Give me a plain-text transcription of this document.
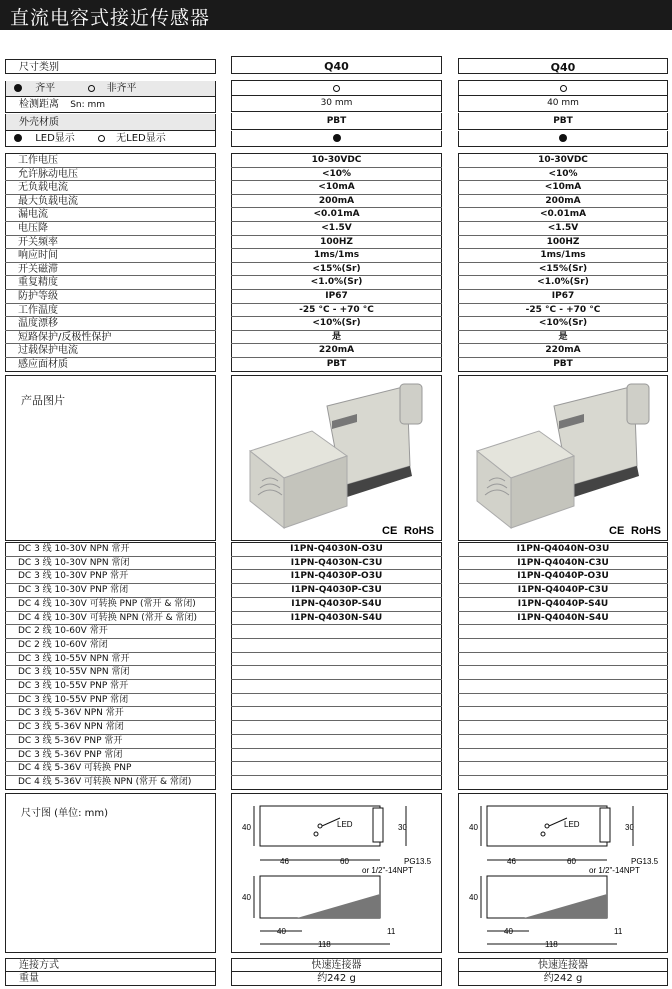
直流电容式接近传感器
尺寸类别	Q40	Q40
齐平	非齐平
检测距离 Sn: mm	30 mm	40 mm
外壳材质	PBT	PBT
LED显示	无LED显示
工作电压	10-30VDC	10-30VDC
允许脉动电压	<10%	<10%
无负载电流	<10mA	<10mA
最大负载电流	200mA	200mA
漏电流	<0.01mA	<0.01mA
电压降	<1.5V	<1.5V
开关频率	100HZ	100HZ
响应时间	1ms/1ms	1ms/1ms
开关磁滞	<15%(Sr)	<15%(Sr)
重复精度	<1.0%(Sr)	<1.0%(Sr)
防护等级	IP67	IP67
工作温度	-25 °C - +70 °C	-25 °C - +70 °C
温度漂移	<10%(Sr)	<10%(Sr)
短路保护/反极性保护	是	是
过载保护电流	220mA	220mA
感应面材质	PBT	PBT
产品图片
CE RoHS	CE RoHS
DC 3 线 10-30V NPN 常开	I1PN-Q4030N-O3U	I1PN-Q4040N-O3U
DC 3 线 10-30V NPN 常闭	I1PN-Q4030N-C3U	I1PN-Q4040N-C3U
DC 3 线 10-30V PNP 常开	I1PN-Q4030P-O3U	I1PN-Q4040P-O3U
DC 3 线 10-30V PNP 常闭	I1PN-Q4030P-C3U	I1PN-Q4040P-C3U
DC 4 线 10-30V 可转换 PNP (常开 & 常闭)	I1PN-Q4030P-S4U	I1PN-Q4040P-S4U
DC 4 线 10-30V 可转换 NPN (常开 & 常闭)	I1PN-Q4030N-S4U	I1PN-Q4040N-S4U
DC 2 线 10-60V 常开
DC 2 线 10-60V 常闭
DC 3 线 10-55V NPN 常开
DC 3 线 10-55V NPN 常闭
DC 3 线 10-55V PNP 常开
DC 3 线 10-55V PNP 常闭
DC 3 线 5-36V NPN 常开
DC 3 线 5-36V NPN 常闭
DC 3 线 5-36V PNP 常开
DC 3 线 5-36V PNP 常闭
DC 4 线 5-36V 可转换 PNP
DC 4 线 5-36V 可转换 NPN (常开 & 常闭)
尺寸图 (单位: mm)
LED
40	30
46	60	PG13.5
or 1/2"-14NPT
40
11
40
118
LED
40	30
46	60	PG13.5
or 1/2"-14NPT
40
11
40
118
连接方式	快速连接器	快速连接器
重量	约242 g	约242 g
